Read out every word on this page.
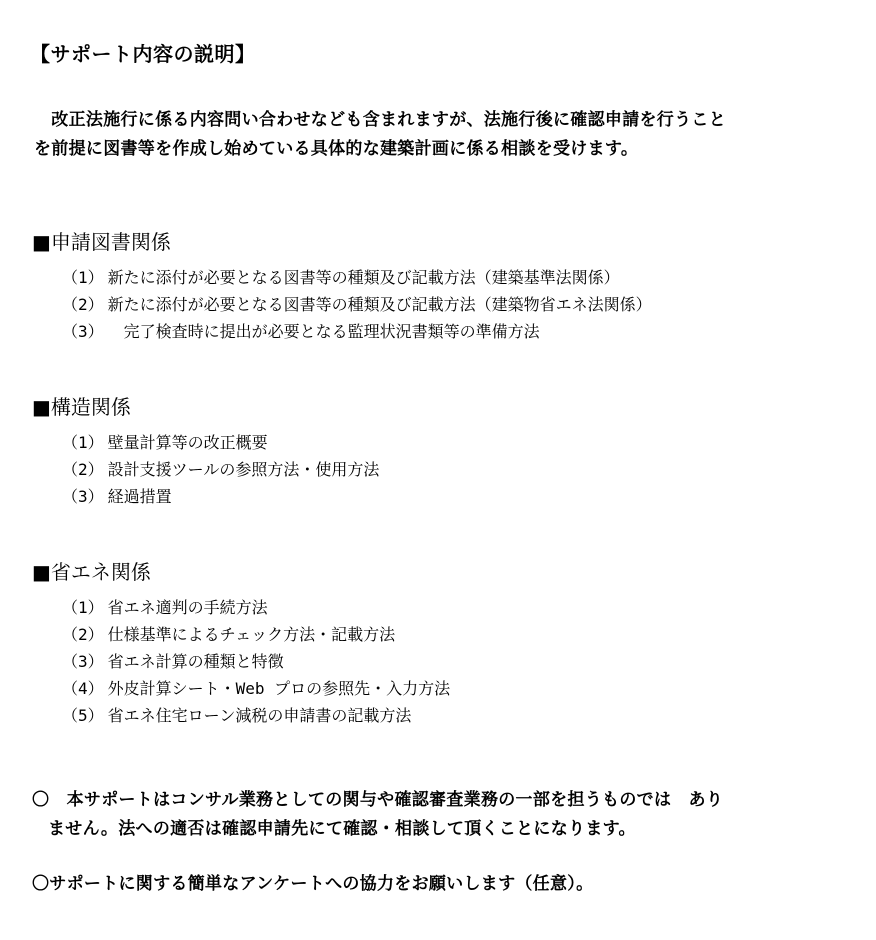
【サポート内容の説明】
　改正法施行に係る内容問い合わせなども含まれますが、法施行後に確認申請を行うこと
を前提に図書等を作成し始めている具体的な建築計画に係る相談を受けます。
■申請図書関係
（1） 新たに添付が必要となる図書等の種類及び記載方法（建築基準法関係）
（2） 新たに添付が必要となる図書等の種類及び記載方法（建築物省エネ法関係）
（3）　完了検査時に提出が必要となる監理状況書類等の準備方法
■構造関係
（1） 壁量計算等の改正概要
（2） 設計支援ツールの参照方法・使用方法
（3） 経過措置
■省エネ関係
（1） 省エネ適判の手続方法
（2） 仕様基準によるチェック方法・記載方法
（3） 省エネ計算の種類と特徴
（4） 外皮計算シート・Web プロの参照先・入力方法
（5） 省エネ住宅ローン減税の申請書の記載方法
〇　本サポートはコンサル業務としての関与や確認審査業務の一部を担うものでは　あり
ません。法への適否は確認申請先にて確認・相談して頂くことになります。
〇サポートに関する簡単なアンケートへの協力をお願いします（任意）。
